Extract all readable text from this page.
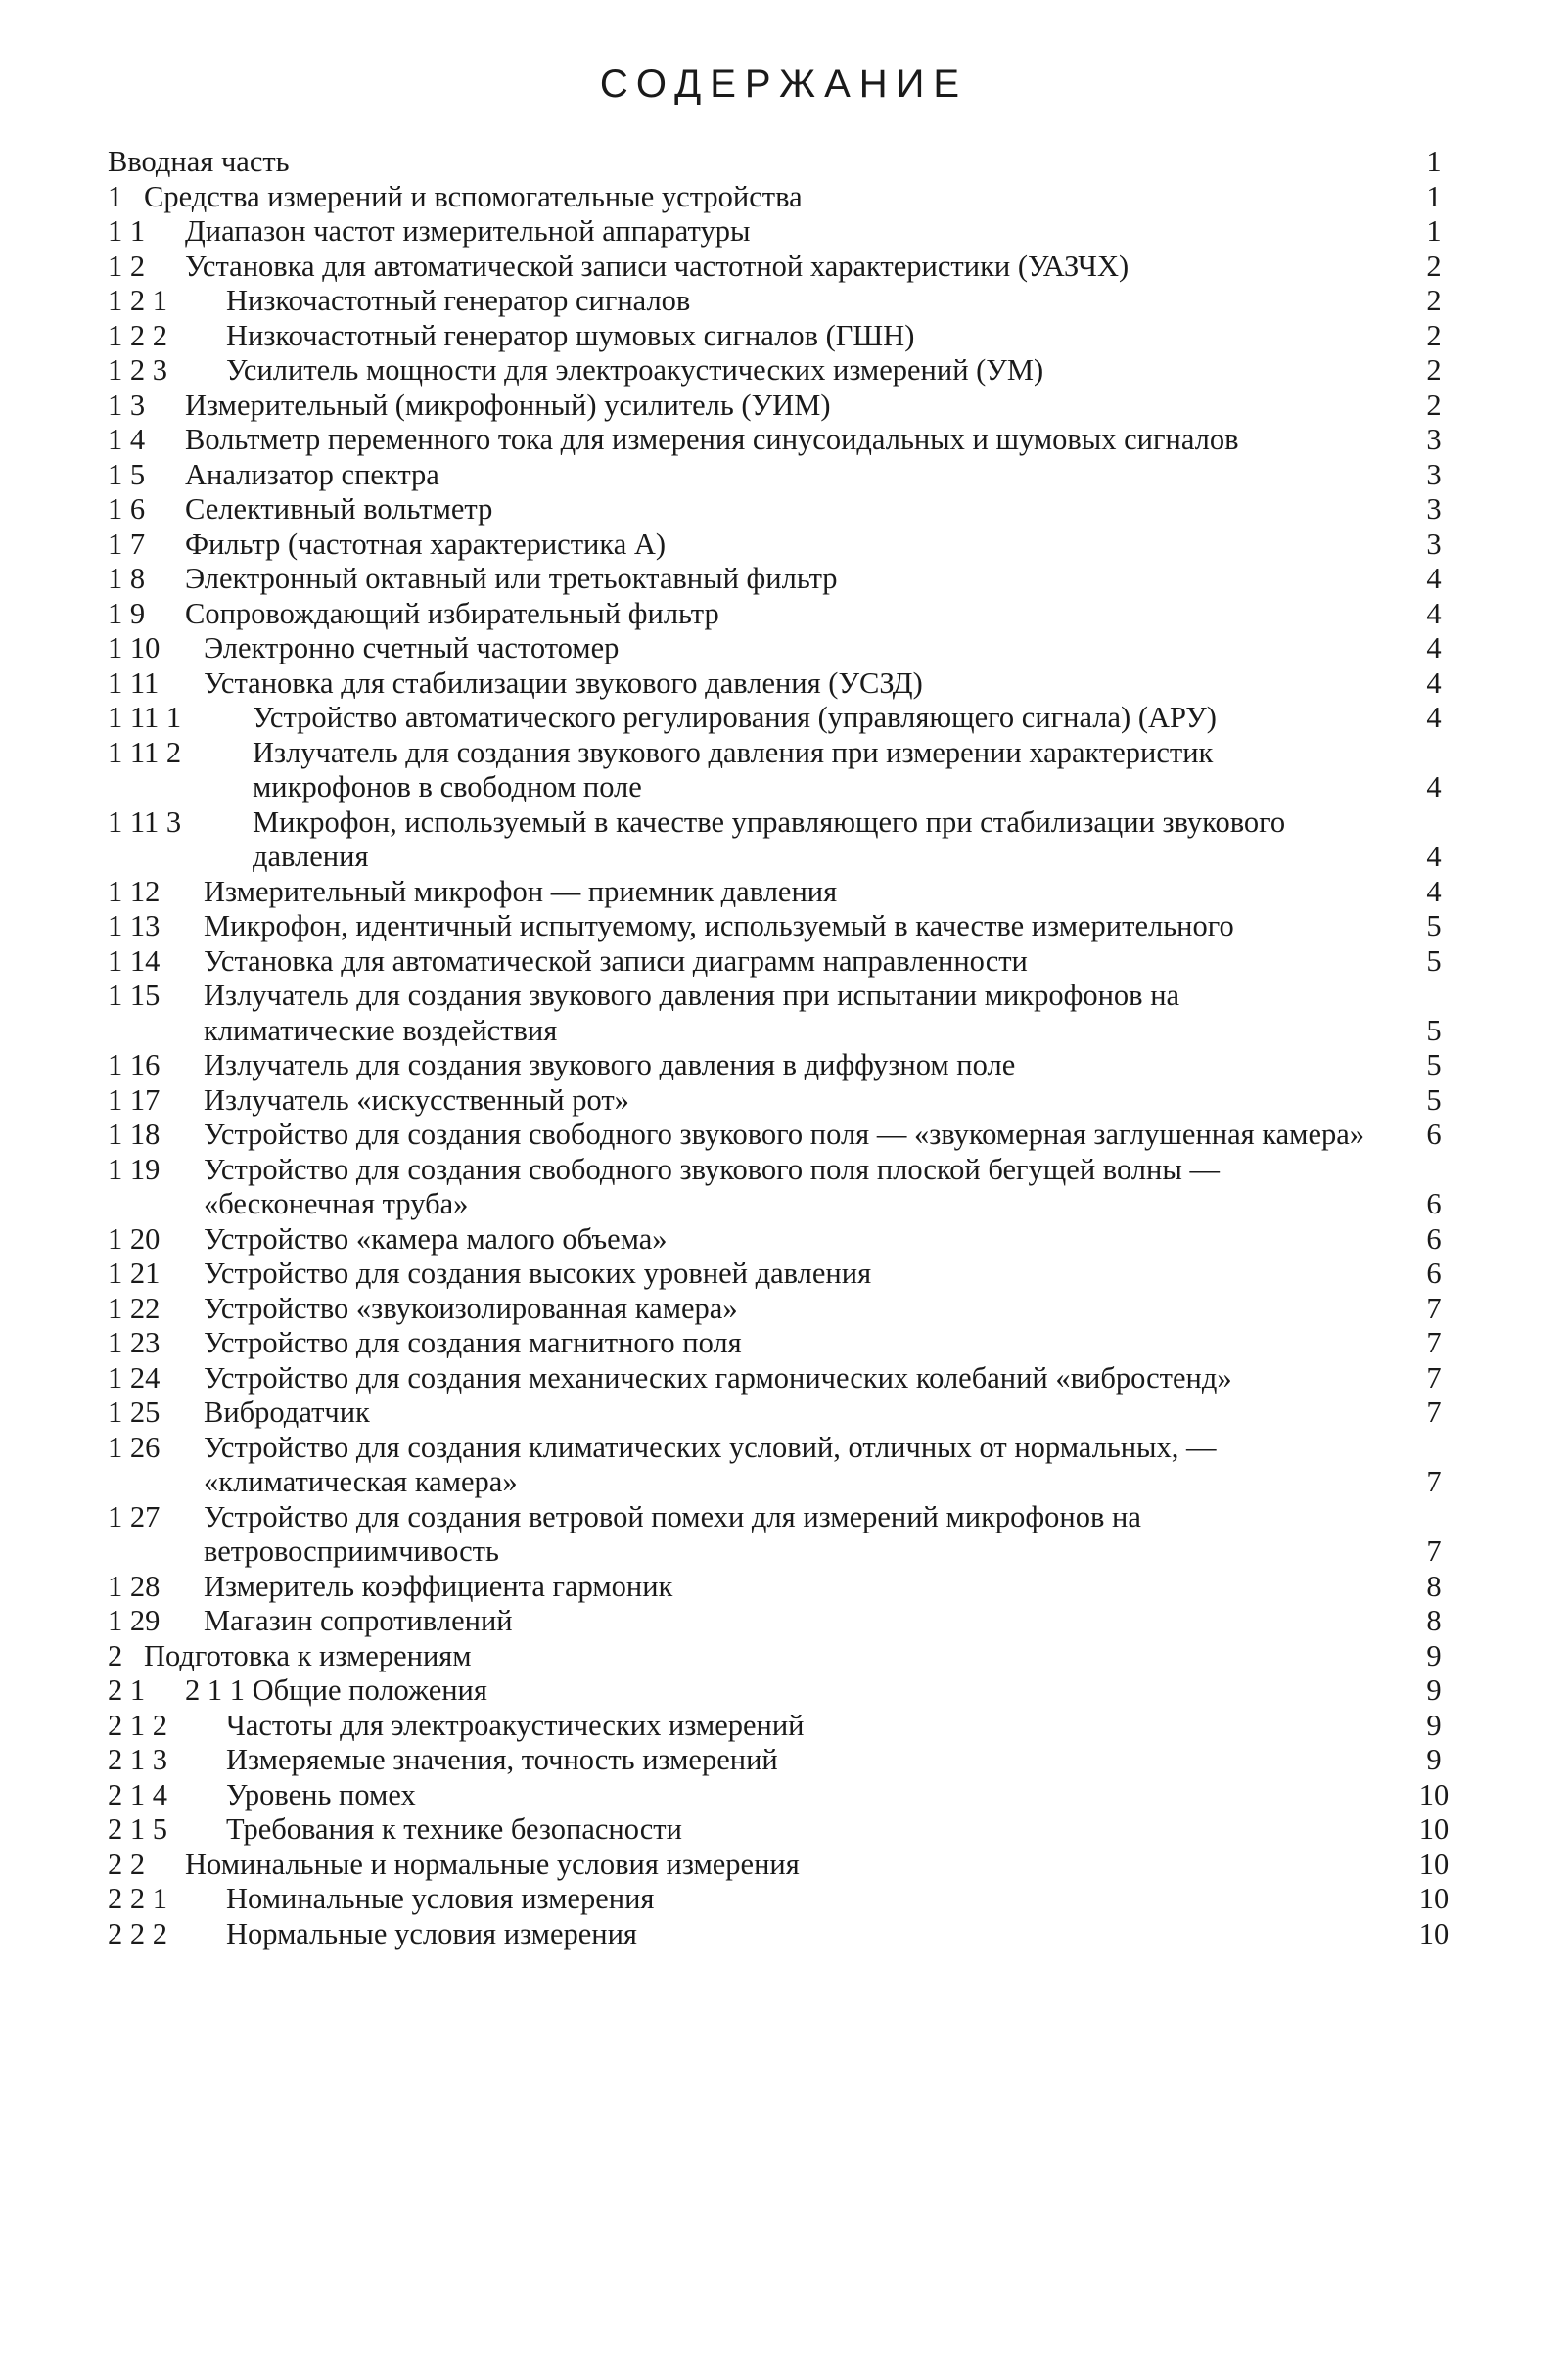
СОДЕРЖАНИЕ
Вводная часть	1
1 Средства измерений и вспомогательные устройства	1
1 1	Диапазон частот измерительной аппаратуры	1
1 2	Установка для автоматической записи частотной характеристики (УАЗЧХ)	2
1 2 1	Низкочастотный генератор сигналов	2
1 2 2	Низкочастотный генератор шумовых сигналов (ГШН)	2
1 2 3	Усилитель мощности для электроакустических измерений (УМ)	2
1 3	Измерительный (микрофонный) усилитель (УИМ)	2
1 4	Вольтметр переменного тока для измерения синусоидальных и шумовых сигналов	3
1 5	Анализатор спектра	3
1 6	Селективный вольтметр	3
1 7	Фильтр (частотная характеристика А)	3
1 8	Электронный октавный или третьоктавный фильтр	4
1 9	Сопровождающий избирательный фильтр	4
1 10	Электронно счетный частотомер	4
1 11	Установка для стабилизации звукового давления (УСЗД)	4
1 11 1	Устройство автоматического регулирования (управляющего сигнала) (АРУ)	4
1 11 2	Излучатель для создания звукового давления при измерении характеристик микрофонов в свободном поле	4
1 11 3	Микрофон, используемый в качестве управляющего при стабилизации звукового давления	4
1 12	Измерительный микрофон — приемник давления	4
1 13	Микрофон, идентичный испытуемому, используемый в качестве измерительного	5
1 14	Установка для автоматической записи диаграмм направленности	5
1 15	Излучатель для создания звукового давления при испытании микрофонов на климатические воздействия	5
1 16	Излучатель для создания звукового давления в диффузном поле	5
1 17	Излучатель «искусственный рот»	5
1 18	Устройство для создания свободного звукового поля — «звукомерная заглушенная камера»	6
1 19	Устройство для создания свободного звукового поля плоской бегущей волны — «бесконечная труба»	6
1 20	Устройство «камера малого объема»	6
1 21	Устройство для создания высоких уровней давления	6
1 22	Устройство «звукоизолированная камера»	7
1 23	Устройство для создания магнитного поля	7
1 24	Устройство для создания механических гармонических колебаний «вибростенд»	7
1 25	Вибродатчик	7
1 26	Устройство для создания климатических условий, отличных от нормальных, — «климатическая камера»	7
1 27	Устройство для создания ветровой помехи для измерений микрофонов на ветровосприимчивость	7
1 28	Измеритель коэффициента гармоник	8
1 29	Магазин сопротивлений	8
2 Подготовка к измерениям	9
2 1	2 1 1 Общие положения	9
2 1 2	Частоты для электроакустических измерений	9
2 1 3	Измеряемые значения, точность измерений	9
2 1 4	Уровень помех	10
2 1 5	Требования к технике безопасности	10
2 2	Номинальные и нормальные условия измерения	10
2 2 1	Номинальные условия измерения	10
2 2 2	Нормальные условия измерения	10
